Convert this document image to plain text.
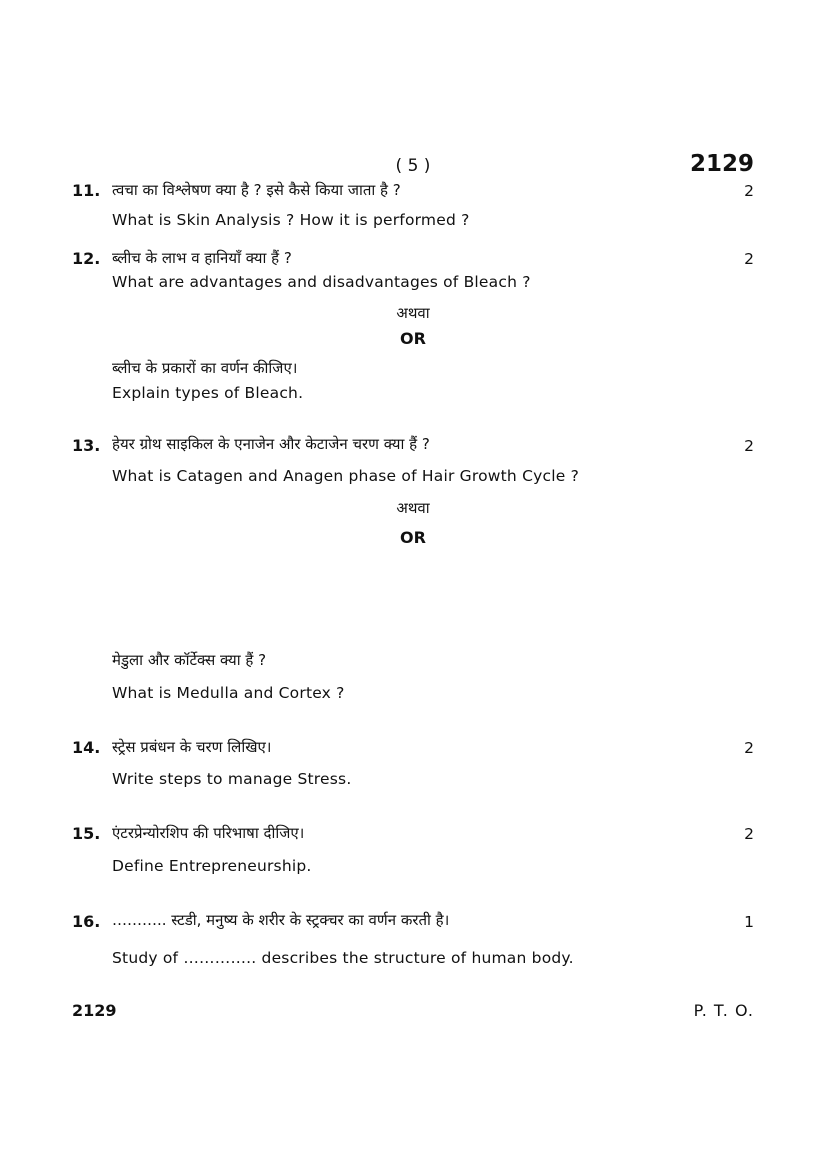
( 5 )	2129
11. त्वचा का विश्लेषण क्या है ? इसे कैसे किया जाता है ?	2
What is Skin Analysis ? How it is performed ?
12. ब्लीच के लाभ व हानियाँ क्या हैं ?	2
What are advantages and disadvantages of Bleach ?
अथवा
OR
ब्लीच के प्रकारों का वर्णन कीजिए।
Explain types of Bleach.
13. हेयर ग्रोथ साइकिल के एनाजेन और केटाजेन चरण क्या हैं ?	2
What is Catagen and Anagen phase of Hair Growth Cycle ?
अथवा
OR
मेडुला और कॉर्टेक्स क्या हैं ?
What is Medulla and Cortex ?
14. स्ट्रेस प्रबंधन के चरण लिखिए।	2
Write steps to manage Stress.
15. एंटरप्रेन्योरशिप की परिभाषा दीजिए।	2
Define Entrepreneurship.
16. ……….. स्टडी, मनुष्य के शरीर के स्ट्रक्चर का वर्णन करती है।	1
Study of ………….. describes the structure of human body.
2129	P. T. O.
